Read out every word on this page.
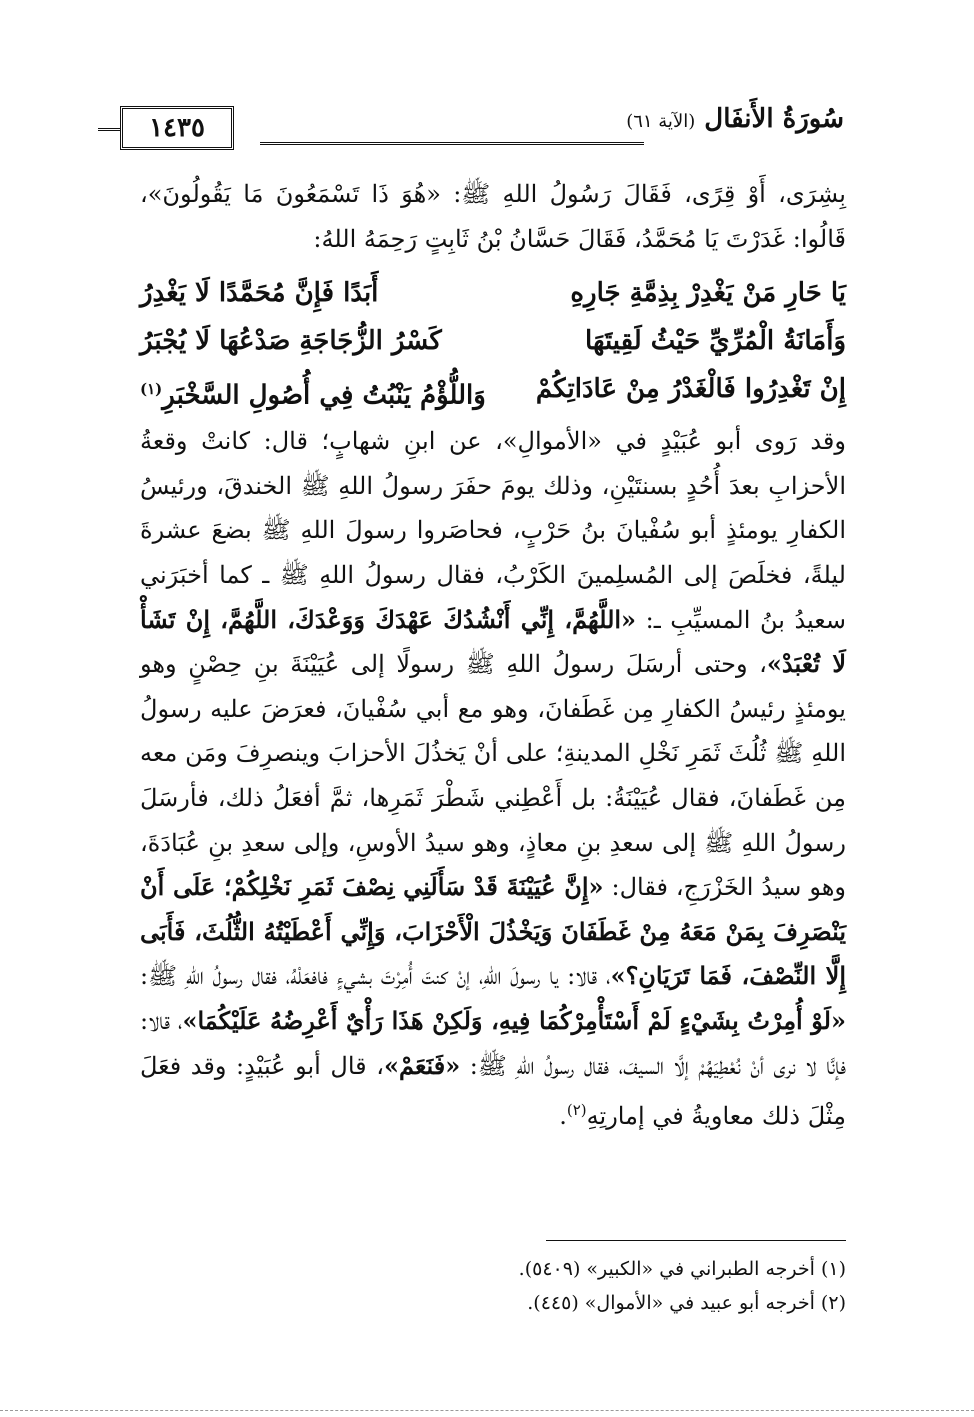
سُورَةُ الأَنفَال (الآية ٦١)
١٤٣٥

بِشِرَى، أَوْ قِرًى، فَقَالَ رَسُولُ اللهِ ﷺ: «هُوَ ذَا تَسْمَعُونَ مَا يَقُولُونَ»، قَالُوا: غَدَرْتَ يَا مُحَمَّدُ، فَقَالَ حَسَّانُ بْنُ ثَابِتٍ رَحِمَهُ اللهُ:

يَا حَارِ مَنْ يَغْدِرْ بِذِمَّةِ جَارِهِ
أَبَدًا فَإِنَّ مُحَمَّدًا لَا يَغْدِرُ
وَأَمَانَةُ الْمُرِّيِّ حَيْثُ لَقِيتَهَا
كَسْرُ الزُّجَاجَةِ صَدْعُهَا لَا يُجْبَرُ
إِنْ تَغْدِرُوا فَالْغَدْرُ مِنْ عَادَاتِكُمْ
وَاللُّؤْمُ يَنْبُتُ فِي أُصُولِ السَّخْبَرِ$^{(١)}$

وقد رَوى أبو عُبَيْدٍ في «الأموالِ»، عن ابنِ شهابٍ؛ قال: كانتْ وقعةُ الأحزابِ بعدَ أُحُدٍ بسنتَيْنِ، وذلك يومَ حفَرَ رسولُ اللهِ ﷺ الخندقَ، ورئيسُ الكفارِ يومئذٍ أبو سُفْيانَ بنُ حَرْبٍ، فحاصَروا رسولَ اللهِ ﷺ بضعَ عشرةَ ليلةً، فخلَصَ إلى المُسلِمينَ الكَرْبُ، فقال رسولُ اللهِ ﷺ ـ كما أخبَرَني سعيدُ بنُ المسيِّبِ ـ: «اللَّهُمَّ، إِنِّي أَنْشُدُكَ عَهْدَكَ وَوَعْدَكَ، اللَّهُمَّ، إِنْ تَشَأْ لَا تُعْبَدْ»، وحتى أرسَلَ رسولُ اللهِ ﷺ رسولًا إلى عُيَيْنَةَ بنِ حِصْنٍ وهو يومئذٍ رئيسُ الكفارِ مِن غَطَفانَ، وهو مع أبي سُفْيانَ، فعرَضَ عليه رسولُ اللهِ ﷺ ثُلُثَ ثَمَرِ نَخْلِ المدينةِ؛ على أنْ يَخذُلَ الأحزابَ وينصرِفَ ومَن معه مِن غَطَفانَ، فقال عُيَيْنَةُ: بل أَعْطِني شَطْرَ ثَمَرِها، ثمَّ أفعَلُ ذلك، فأرسَلَ رسولُ اللهِ ﷺ إلى سعدِ بنِ معاذٍ، وهو سيدُ الأوسِ، وإلى سعدِ بنِ عُبَادَةَ، وهو سيدُ الخَزْرَجِ، فقال: «إِنَّ عُيَيْنَةَ قَدْ سَأَلَنِي نِصْفَ ثَمَرِ نَخْلِكُمْ؛ عَلَى أَنْ يَنْصَرِفَ بِمَنْ مَعَهُ مِنْ غَطَفَانَ وَيَخْذُلَ الْأَحْزَابَ، وَإِنِّي أَعْطَيْتُهُ الثُّلُثَ، فَأَبَى إِلَّا النِّصْفَ، فَمَا تَرَيَانِ؟»، قالا: يا رسولَ اللهِ، إنْ كنتَ أُمِرْتَ بشيءٍ فافعَلْهُ، فقال رسولُ اللهِ ﷺ: «لَوْ أُمِرْتُ بِشَيْءٍ لَمْ أَسْتَأْمِرْكُمَا فِيهِ، وَلَكِنْ هَذَا رَأْيٌ أَعْرِضُهُ عَلَيْكُمَا»، قالا: فإنَّا لا نرى أنْ نُعْطِيَهُمْ إلَّا السيفَ، فقال رسولُ اللهِ ﷺ: «فَنَعَمْ»، قال أبو عُبَيْدٍ: وقد فعَلَ مِثْلَ ذلك معاويةُ في إمارتِهِ$^{(٢)}$.

(١) أخرجه الطبراني في «الكبير» (٥٤٠٩).
(٢) أخرجه أبو عبيد في «الأموال» (٤٤٥).
